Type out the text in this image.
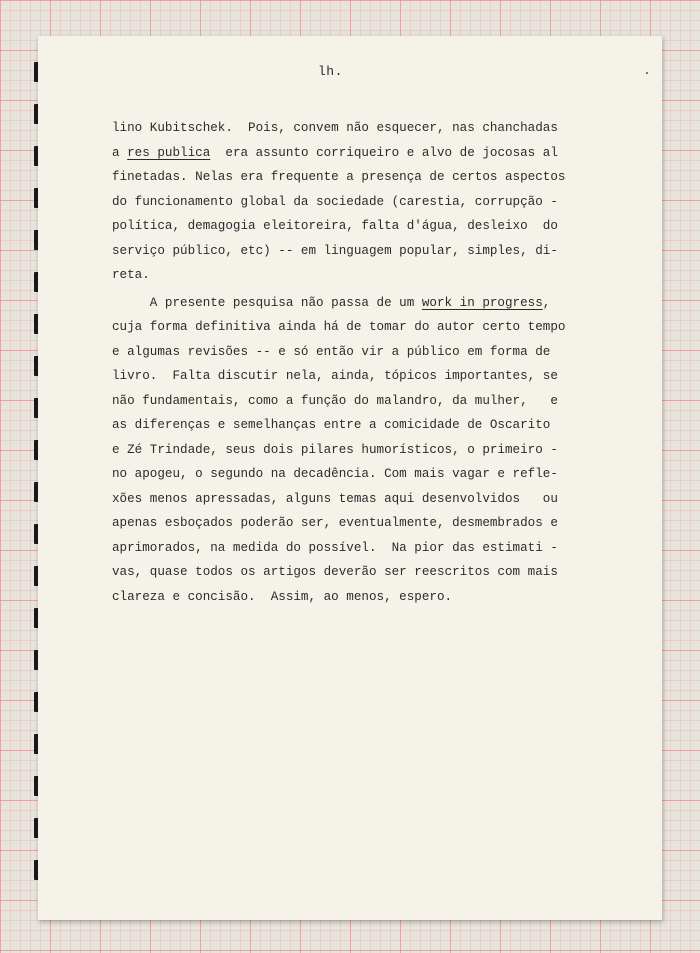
lh.
lino Kubitschek.  Pois, convem não esquecer, nas chanchadas
a res publica  era assunto corriqueiro e alvo de jocosas al
finetadas. Nelas era frequente a presença de certos aspectos
do funcionamento global da sociedade (carestia, corrupção -
política, demagogia eleitoreira, falta d'água, desleixo  do
serviço público, etc) -- em linguagem popular, simples, di-
reta.
A presente pesquisa não passa de um work in progress,
cuja forma definitiva ainda há de tomar do autor certo tempo
e algumas revisões -- e só então vir a público em forma de
livro.  Falta discutir nela, ainda, tópicos importantes, se
não fundamentais, como a função do malandro, da mulher,   e
as diferenças e semelhanças entre a comicidade de Oscarito
e Zé Trindade, seus dois pilares humorísticos, o primeiro -
no apogeu, o segundo na decadência. Com mais vagar e refle-
xões menos apressadas, alguns temas aqui desenvolvidos   ou
apenas esboçados poderão ser, eventualmente, desmembrados e
aprimorados, na medida do possível.  Na pior das estimati -
vas, quase todos os artigos deverão ser reescritos com mais
clareza e concisão.  Assim, ao menos, espero.
